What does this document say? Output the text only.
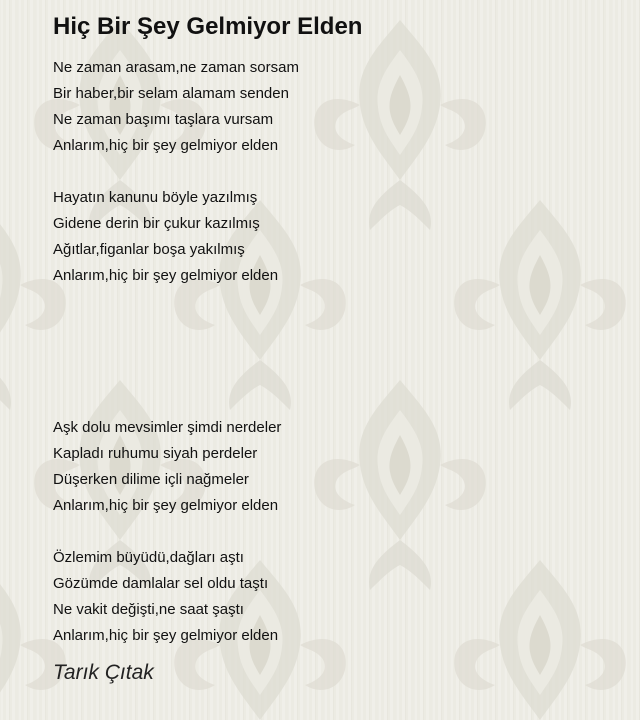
Hiç Bir Şey Gelmiyor Elden
Ne zaman arasam,ne zaman sorsam
Bir haber,bir selam alamam senden
Ne zaman başımı taşlara vursam
Anlarım,hiç bir şey gelmiyor elden
Hayatın kanunu böyle yazılmış
Gidene derin bir çukur kazılmış
Ağıtlar,figanlar boşa yakılmış
Anlarım,hiç bir şey gelmiyor elden
Aşk dolu mevsimler şimdi nerdeler
Kapladı ruhumu siyah perdeler
Düşerken dilime içli nağmeler
Anlarım,hiç bir şey gelmiyor elden
Özlemim büyüdü,dağları aştı
Gözümde damlalar sel oldu taştı
Ne vakit değişti,ne saat şaştı
Anlarım,hiç bir şey gelmiyor elden
Tarık Çıtak
